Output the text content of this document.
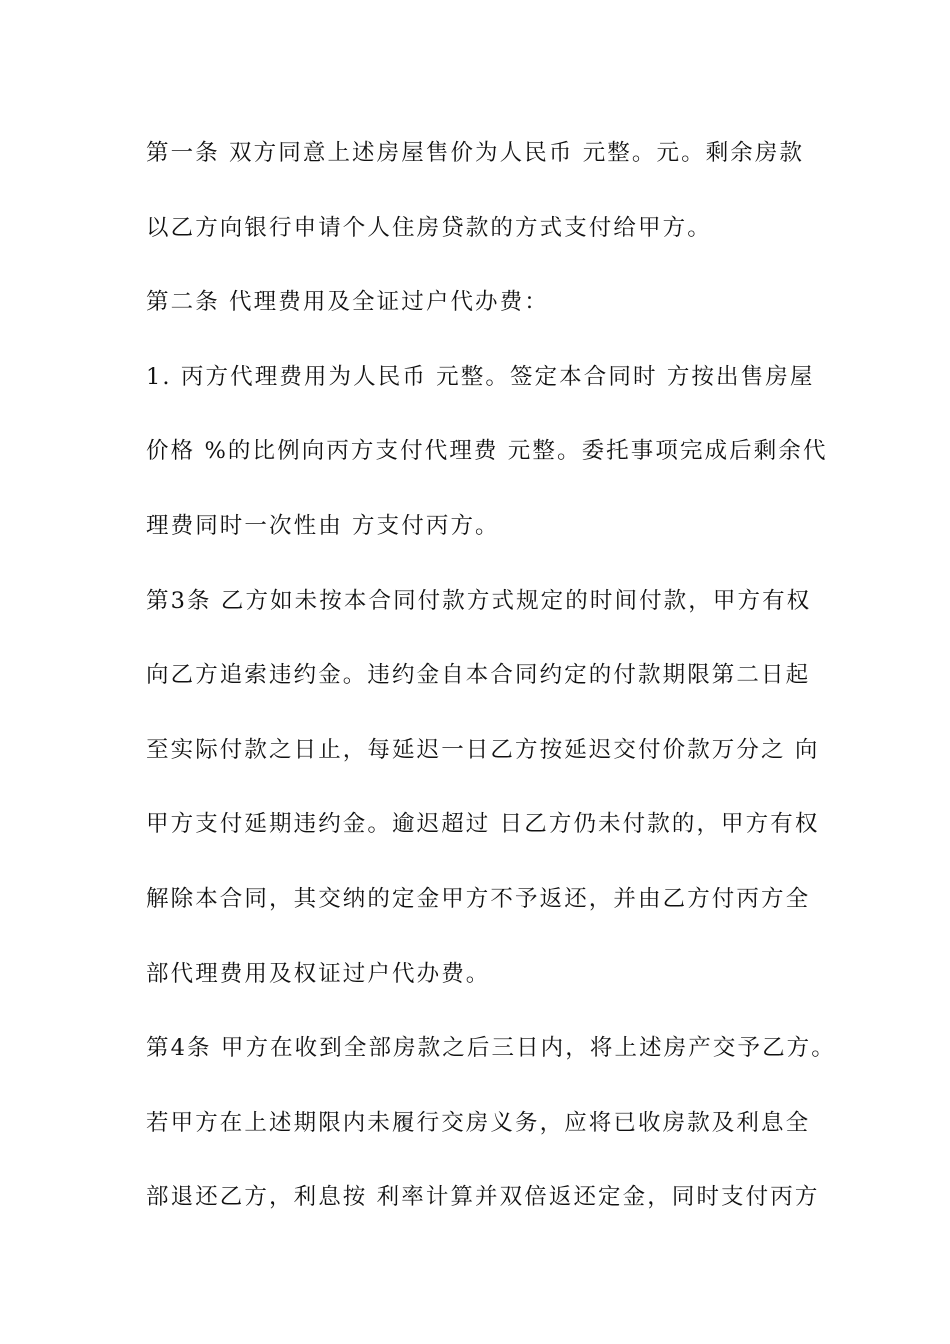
第一条 双方同意上述房屋售价为人民币 元整。元。剩余房款
以乙方向银行申请个人住房贷款的方式支付给甲方。
第二条 代理费用及全证过户代办费：
1. 丙方代理费用为人民币 元整。签定本合同时 方按出售房屋
价格 %的比例向丙方支付代理费 元整。委托事项完成后剩余代
理费同时一次性由 方支付丙方。
第3条 乙方如未按本合同付款方式规定的时间付款，甲方有权
向乙方追索违约金。违约金自本合同约定的付款期限第二日起
至实际付款之日止，每延迟一日乙方按延迟交付价款万分之 向
甲方支付延期违约金。逾迟超过 日乙方仍未付款的，甲方有权
解除本合同，其交纳的定金甲方不予返还，并由乙方付丙方全
部代理费用及权证过户代办费。
第4条 甲方在收到全部房款之后三日内，将上述房产交予乙方。
若甲方在上述期限内未履行交房义务，应将已收房款及利息全
部退还乙方，利息按 利率计算并双倍返还定金，同时支付丙方
